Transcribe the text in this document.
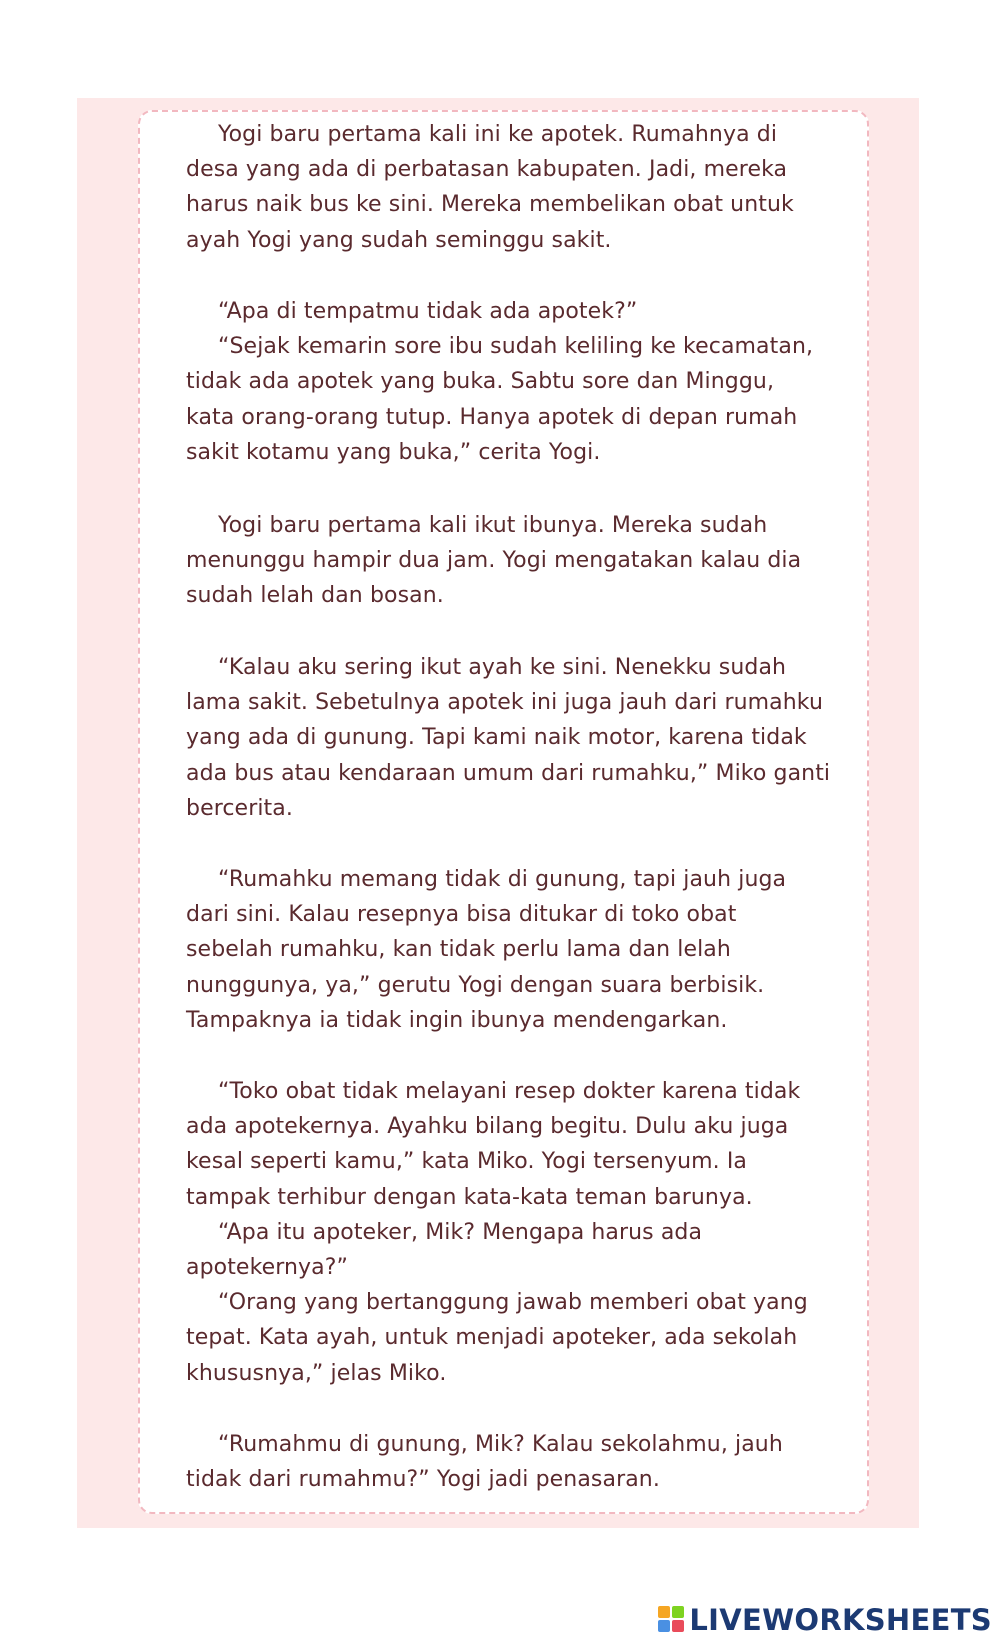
Yogi baru pertama kali ini ke apotek. Rumahnya di
desa yang ada di perbatasan kabupaten. Jadi, mereka
harus naik bus ke sini. Mereka membelikan obat untuk
ayah Yogi yang sudah seminggu sakit.
“Apa di tempatmu tidak ada apotek?”
“Sejak kemarin sore ibu sudah keliling ke kecamatan,
tidak ada apotek yang buka. Sabtu sore dan Minggu,
kata orang-orang tutup. Hanya apotek di depan rumah
sakit kotamu yang buka,” cerita Yogi.
Yogi baru pertama kali ikut ibunya. Mereka sudah
menunggu hampir dua jam. Yogi mengatakan kalau dia
sudah lelah dan bosan.
“Kalau aku sering ikut ayah ke sini. Nenekku sudah
lama sakit. Sebetulnya apotek ini juga jauh dari rumahku
yang ada di gunung. Tapi kami naik motor, karena tidak
ada bus atau kendaraan umum dari rumahku,” Miko ganti
bercerita.
“Rumahku memang tidak di gunung, tapi jauh juga
dari sini. Kalau resepnya bisa ditukar di toko obat
sebelah rumahku, kan tidak perlu lama dan lelah
nunggunya, ya,” gerutu Yogi dengan suara berbisik.
Tampaknya ia tidak ingin ibunya mendengarkan.
“Toko obat tidak melayani resep dokter karena tidak
ada apotekernya. Ayahku bilang begitu. Dulu aku juga
kesal seperti kamu,” kata Miko. Yogi tersenyum. Ia
tampak terhibur dengan kata-kata teman barunya.
“Apa itu apoteker, Mik? Mengapa harus ada
apotekernya?”
“Orang yang bertanggung jawab memberi obat yang
tepat. Kata ayah, untuk menjadi apoteker, ada sekolah
khususnya,” jelas Miko.
“Rumahmu di gunung, Mik? Kalau sekolahmu, jauh
tidak dari rumahmu?” Yogi jadi penasaran.
LIVEWORKSHEETS
